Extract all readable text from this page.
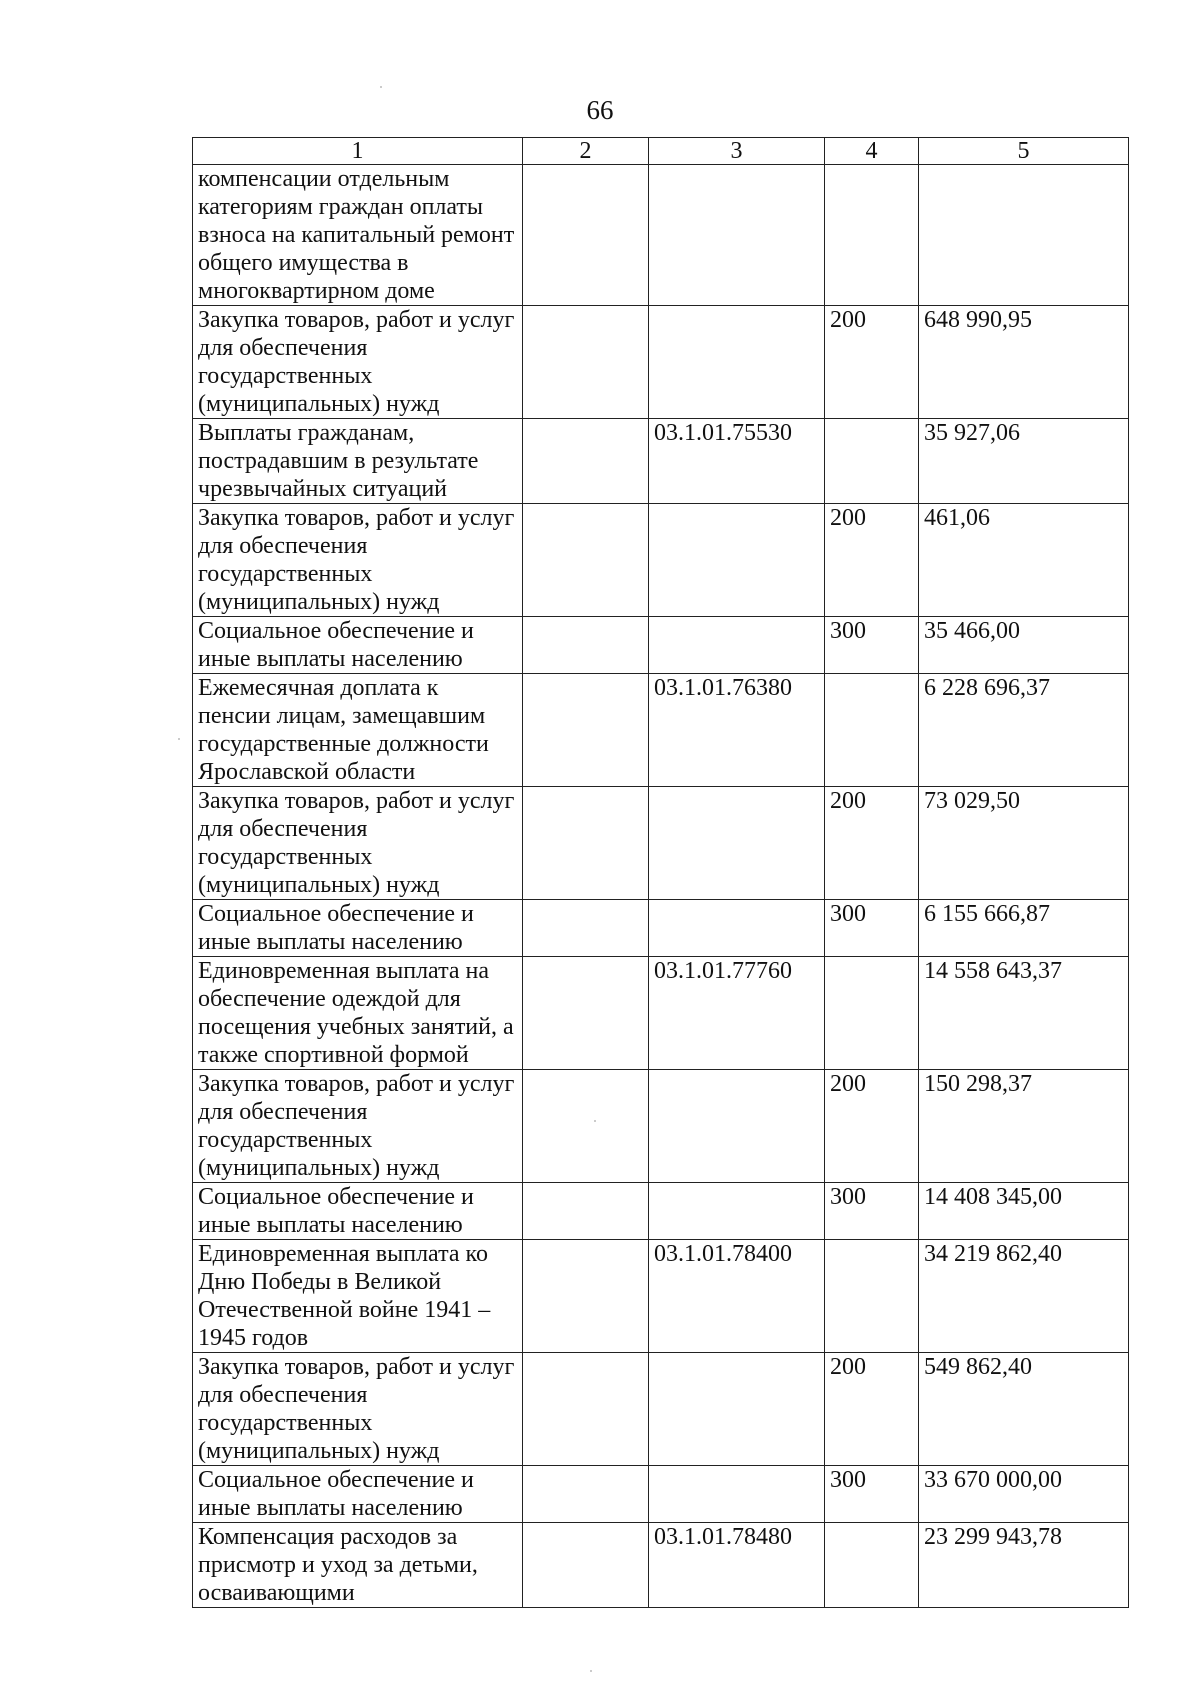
66
1	2	3	4	5
компенсации отдельным категориям граждан оплаты взноса на капитальный ремонт общего имущества в многоквартирном доме				
Закупка товаров, работ и услуг для обеспечения государственных (муниципальных) нужд			200	648 990,95
Выплаты гражданам, пострадавшим в результате чрезвычайных ситуаций		03.1.01.75530		35 927,06
Закупка товаров, работ и услуг для обеспечения государственных (муниципальных) нужд			200	461,06
Социальное обеспечение и иные выплаты населению			300	35 466,00
Ежемесячная доплата к пенсии лицам, замещавшим государственные должности Ярославской области		03.1.01.76380		6 228 696,37
Закупка товаров, работ и услуг для обеспечения государственных (муниципальных) нужд			200	73 029,50
Социальное обеспечение и иные выплаты населению			300	6 155 666,87
Единовременная выплата на обеспечение одеждой для посещения учебных занятий, а также спортивной формой		03.1.01.77760		14 558 643,37
Закупка товаров, работ и услуг для обеспечения государственных (муниципальных) нужд			200	150 298,37
Социальное обеспечение и иные выплаты населению			300	14 408 345,00
Единовременная выплата ко Дню Победы в Великой Отечественной войне 1941 – 1945 годов		03.1.01.78400		34 219 862,40
Закупка товаров, работ и услуг для обеспечения государственных (муниципальных) нужд			200	549 862,40
Социальное обеспечение и иные выплаты населению			300	33 670 000,00
Компенсация расходов за присмотр и уход за детьми, осваивающими		03.1.01.78480		23 299 943,78
